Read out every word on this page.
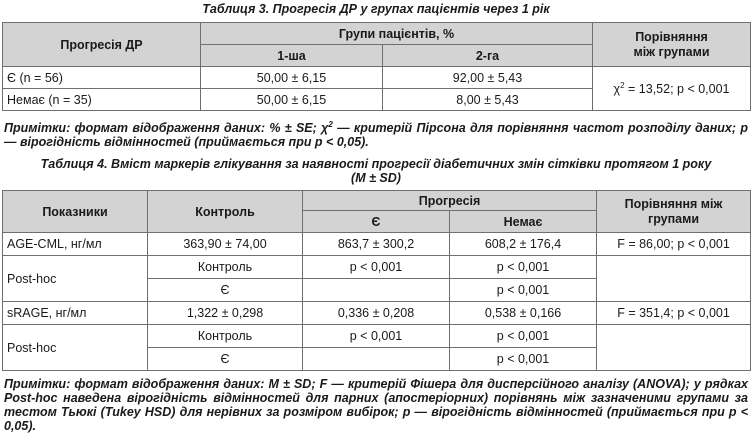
Таблиця 3. Прогресія ДР у групах пацієнтів через 1 рік
Прогресія ДР	Групи пацієнтів, %		Порівняння
між групами

	1-ша	2-га	
Є (n = 56)	50,00 ± 6,15	92,00 ± 5,43	$\chi^2 = 13,52$; p < 0,001
Немає (n = 35)	50,00 ± 6,15	8,00 ± 5,43	
Примітки: формат відображення даних: % ± SE; $\chi^2$ — критерій Пірсона для порівняння частот розподілу даних; p — вірогідність відмінностей (приймається при p < 0,05).
Таблиця 4. Вміст маркерів глікування за наявності прогресії діабетичних змін сітківки протягом 1 року
(M ± SD)
Показники	Контроль	Прогресія		Порівняння між
групами

		Є	Немає	
AGE-CML, нг/мл	363,90 ± 74,00	863,7 ± 300,2	608,2 ± 176,4	F = 86,00; p < 0,001
Post-hoc	Контроль	p < 0,001	p < 0,001	
	Є		p < 0,001	
sRAGE, нг/мл	1,322 ± 0,298	0,336 ± 0,208	0,538 ± 0,166	F = 351,4; p < 0,001
Post-hoc	Контроль	p < 0,001	p < 0,001	
	Є		p < 0,001	
Примітки: формат відображення даних: M ± SD; F — критерій Фішера для дисперсійного аналізу (ANOVA); у рядках Post-hoc наведена вірогідність відмінностей для парних (апостеріорних) порівнянь між зазначеними групами за тестом Тьюкі (Tukey HSD) для нерівних за розміром вибірок; p — вірогідність відмінностей (приймається при p < 0,05).
